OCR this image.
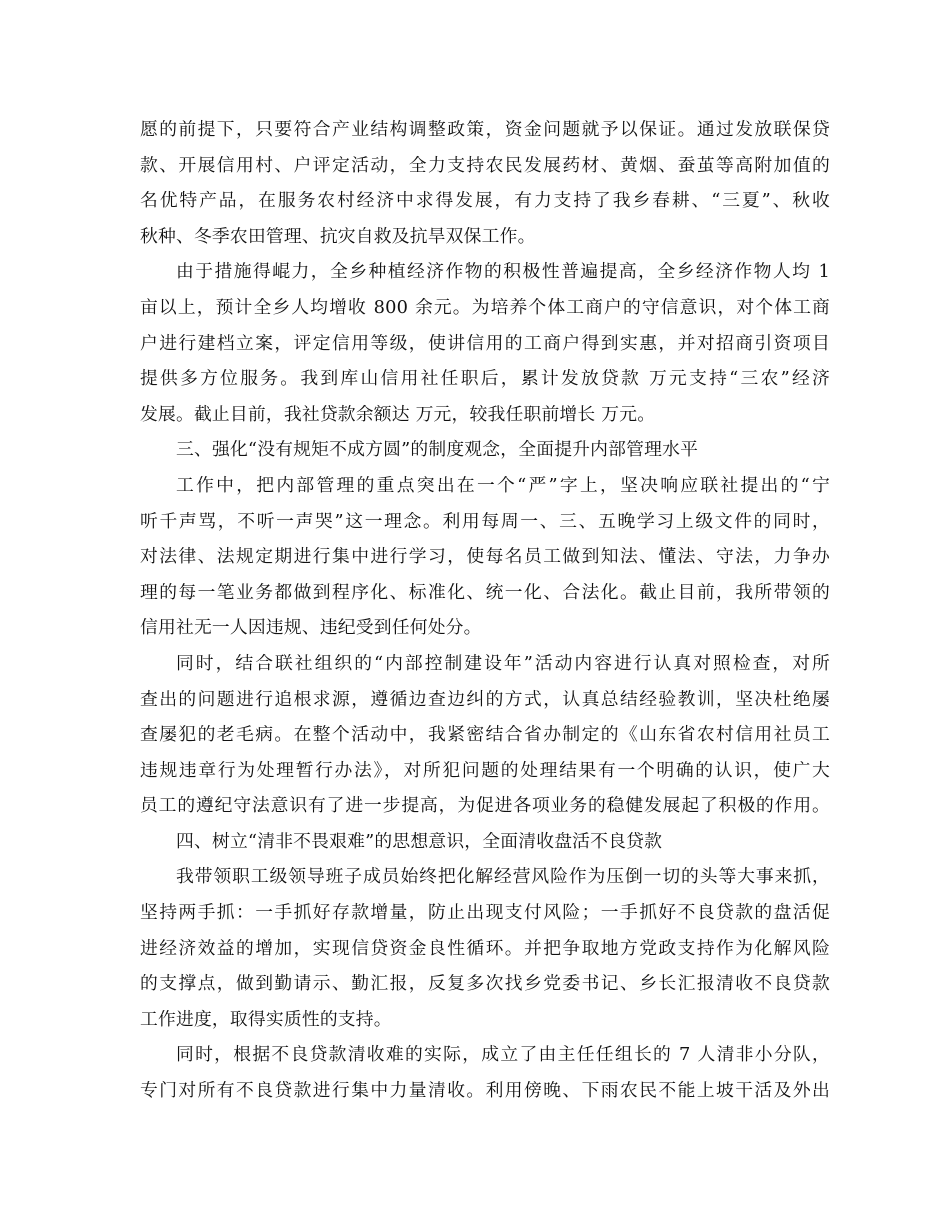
愿的前提下，只要符合产业结构调整政策，资金问题就予以保证。通过发放联保贷
款、开展信用村、户评定活动，全力支持农民发展药材、黄烟、蚕茧等高附加值的
名优特产品，在服务农村经济中求得发展，有力支持了我乡春耕、“三夏”、秋收
秋种、冬季农田管理、抗灾自救及抗旱双保工作。
由于措施得崐力，全乡种植经济作物的积极性普遍提高，全乡经济作物人均 1
亩以上，预计全乡人均增收 800 余元。为培养个体工商户的守信意识，对个体工商
户进行建档立案，评定信用等级，使讲信用的工商户得到实惠，并对招商引资项目
提供多方位服务。我到库山信用社任职后，累计发放贷款 万元支持“三农”经济
发展。截止目前，我社贷款余额达 万元，较我任职前增长 万元。
三、强化“没有规矩不成方圆”的制度观念，全面提升内部管理水平
工作中，把内部管理的重点突出在一个“严”字上，坚决响应联社提出的“宁
听千声骂，不听一声哭”这一理念。利用每周一、三、五晚学习上级文件的同时，
对法律、法规定期进行集中进行学习，使每名员工做到知法、懂法、守法，力争办
理的每一笔业务都做到程序化、标准化、统一化、合法化。截止目前，我所带领的
信用社无一人因违规、违纪受到任何处分。
同时，结合联社组织的“内部控制建设年”活动内容进行认真对照检查，对所
查出的问题进行追根求源，遵循边查边纠的方式，认真总结经验教训，坚决杜绝屡
查屡犯的老毛病。在整个活动中，我紧密结合省办制定的《山东省农村信用社员工
违规违章行为处理暂行办法》，对所犯问题的处理结果有一个明确的认识，使广大
员工的遵纪守法意识有了进一步提高，为促进各项业务的稳健发展起了积极的作用。
四、树立“清非不畏艰难”的思想意识，全面清收盘活不良贷款
我带领职工级领导班子成员始终把化解经营风险作为压倒一切的头等大事来抓，
坚持两手抓：一手抓好存款增量，防止出现支付风险；一手抓好不良贷款的盘活促
进经济效益的增加，实现信贷资金良性循环。并把争取地方党政支持作为化解风险
的支撑点，做到勤请示、勤汇报，反复多次找乡党委书记、乡长汇报清收不良贷款
工作进度，取得实质性的支持。
同时，根据不良贷款清收难的实际，成立了由主任任组长的 7 人清非小分队，
专门对所有不良贷款进行集中力量清收。利用傍晚、下雨农民不能上坡干活及外出
